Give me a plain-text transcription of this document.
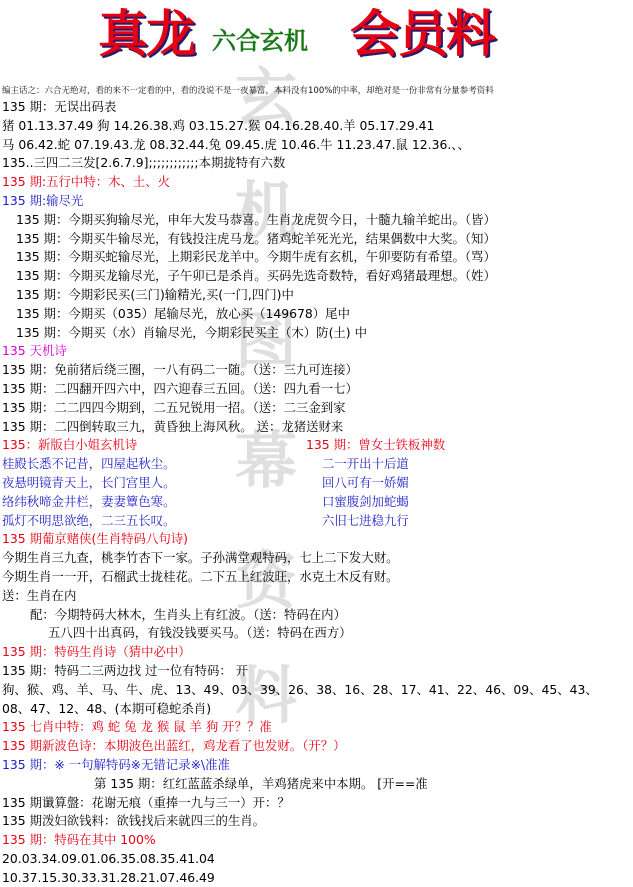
真龙 六合玄机 会员料
编主话之：六合无绝对，看的来不一定看的中，看的没说不是一夜暴富，本料没有100%的中率，却绝对是一份非常有分量参考资料
玄
机
图
幕
资
料
135 期：无误出码表
猪 01.13.37.49 狗 14.26.38.鸡 03.15.27.猴 04.16.28.40.羊 05.17.29.41
马 06.42.蛇 07.19.43.龙 08.32.44.兔 09.45.虎 10.46.牛 11.23.47.鼠 12.36.、、
135..三四二三发[2.6.7.9];;;;;;;;;;;;本期拢特有六数
135 期:五行中特：木、土、火
135 期:输尽光
135 期：今期买狗输尽光，申年大发马恭喜。生肖龙虎贺今日，十髓九输羊蛇出。（皆）
135 期：今期买牛输尽光，有钱投注虎马龙。猪鸡蛇羊死光光，结果偶数中大奖。（知）
135 期：今期买蛇输尽光，上期彩民龙羊中。今期牛虎有玄机，午卯要防有希望。（骂）
135 期：今期买龙输尽光，子午卯已是杀肖。买码先选奇数特，看好鸡猪最理想。（姓）
135 期：今期彩民买(三门)输精光,买(一门,四门)中
135 期：今期买（035）尾输尽光，放心买（149678）尾中
135 期：今期买（水）肖输尽光，今期彩民买主（木）防(土) 中
135 天机诗
135 期：免前猪后绕三圈，一八有码二一随。（送：三九可连接）
135 期：二四翻开四六中，四六迎春三五回。（送：四九看一七）
135 期：二二四四今期到，二五兄锐用一招。（送：二三金到家
135 期：二四倒转取三九，黄昏独上海风秋。 送：龙猪送财来
135：新版白小姐玄机诗	135 期：曾女士铁板神数
桂殿长悉不记昔，四屋起秋尘。	二一开出十后道
夜悬明镜青天上，长门宫里人。	回八可有一娇媚
络纬秋啼金井栏，妻妻簟色寒。	口蜜腹剑加蛇蝎
孤灯不明思欲绝，二三五长叹。	六旧七进稳九行
135 期葡京赌侠(生肖特码八句诗)
今期生肖三九查，桃李竹杏下一家。子孙满堂观特码，七上二下发大财。
今期生肖一一开，石榴武士拢桂花。二下五上红波旺，水克土木反有财。
送：生肖在内
配：今期特码大林木，生肖头上有红波。（送：特码在内）
五八四十出真码，有钱没钱要买马。（送：特码在西方）
135 期：特码生肖诗（猜中必中）
135 期：特码二三两边找 过一位有特码： 开
狗、猴、鸡、羊、马、牛、虎、13、49、03、39、26、38、16、28、17、41、22、46、09、45、43、
08、47、12、48、(本期可稳蛇杀肖)
135 七肖中特：鸡 蛇 兔 龙 猴 鼠 羊 狗 开？？准
135 期新波色诗：本期波色出蓝红，鸡龙看了也发财。（开？）
135 期：※ 一句解特码※无错记录※\准准
第 135 期：红红蓝蓝杀绿单，羊鸡猪虎来中本期。 [开==准
135 期谶算盤：花谢无痕（重捧一九与三一）开：？
135 期泼妇欲钱料：欲钱找后来就四三的生肖。
135 期：特码在其中 100%
20.03.34.09.01.06.35.08.35.41.04
10.37.15.30.33.31.28.21.07.46.49
